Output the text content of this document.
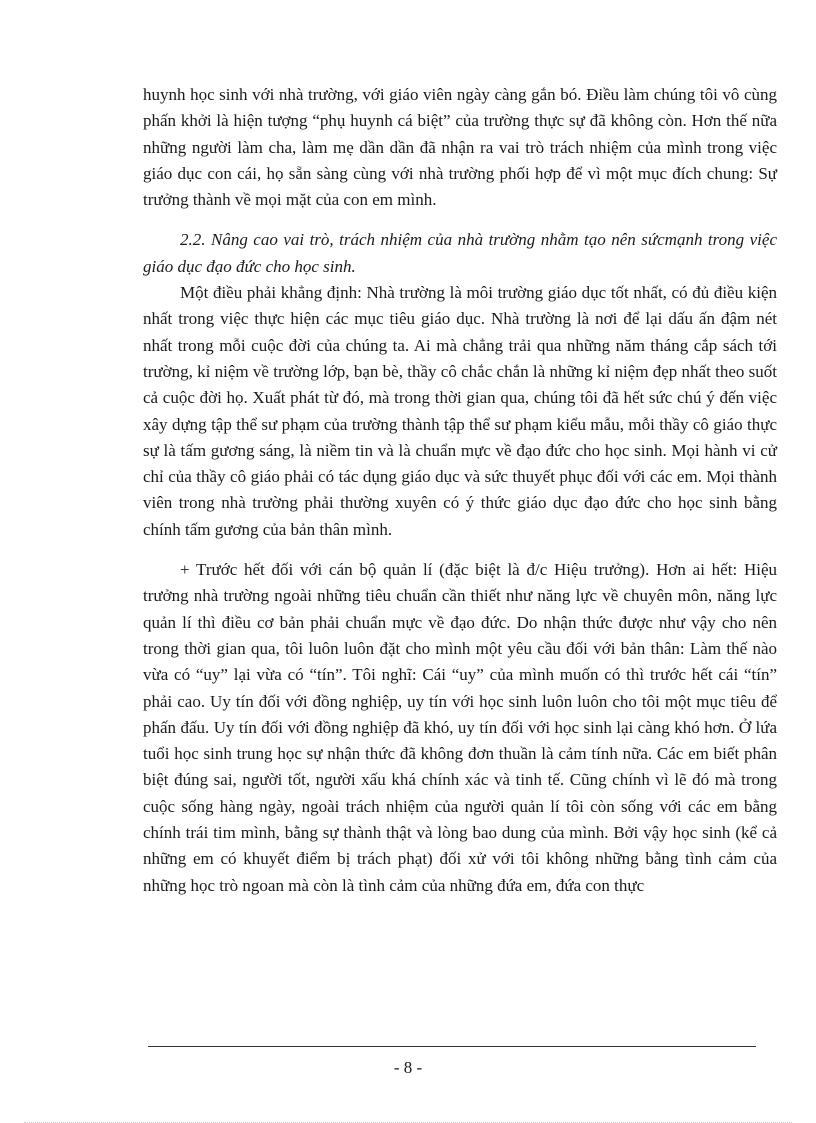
huynh học sinh với nhà trường, với giáo viên ngày càng gắn bó. Điều làm chúng tôi vô cùng phấn khởi là hiện tượng “phụ huynh cá biệt” của trường thực sự đã không còn. Hơn thế nữa những người làm cha, làm mẹ dần dần đã nhận ra vai trò trách nhiệm của mình trong việc giáo dục con cái, họ sẵn sàng cùng với nhà trường phối hợp để vì một mục đích chung: Sự trưởng thành về mọi mặt của con em mình.

2.2. Nâng cao vai trò, trách nhiệm của nhà trường nhằm tạo nên sứcmạnh trong việc giáo dục đạo đức cho học sinh.

Một điều phải khẳng định: Nhà trường là môi trường giáo dục tốt nhất, có đủ điều kiện nhất trong việc thực hiện các mục tiêu giáo dục. Nhà trường là nơi để lại dấu ấn đậm nét nhất trong mỗi cuộc đời của chúng ta. Ai mà chẳng trải qua những năm tháng cắp sách tới trường, kỉ niệm về trường lớp, bạn bè, thầy cô chắc chắn là những kỉ niệm đẹp nhất theo suốt cả cuộc đời họ. Xuất phát từ đó, mà trong thời gian qua, chúng tôi đã hết sức chú ý đến việc xây dựng tập thể sư phạm của trường thành tập thể sư phạm kiểu mẫu, mỗi thầy cô giáo thực sự là tấm gương sáng, là niềm tin và là chuẩn mực về đạo đức cho học sinh. Mọi hành vi cử chỉ của thầy cô giáo phải có tác dụng giáo dục và sức thuyết phục đối với các em. Mọi thành viên trong nhà trường phải thường xuyên có ý thức giáo dục đạo đức cho học sinh bằng chính tấm gương của bản thân mình.

+ Trước hết đối với cán bộ quản lí (đặc biệt là đ/c Hiệu trưởng). Hơn ai hết: Hiệu trưởng nhà trường ngoài những tiêu chuẩn cần thiết như năng lực về chuyên môn, năng lực quản lí thì điều cơ bản phải chuẩn mực về đạo đức. Do nhận thức được như vậy cho nên trong thời gian qua, tôi luôn luôn đặt cho mình một yêu cầu đối với bản thân: Làm thế nào vừa có “uy” lại vừa có “tín”. Tôi nghĩ: Cái “uy” của mình muốn có thì trước hết cái “tín” phải cao. Uy tín đối với đồng nghiệp, uy tín với học sinh luôn luôn cho tôi một mục tiêu để phấn đấu. Uy tín đối với đồng nghiệp đã khó, uy tín đối với học sinh lại càng khó hơn. Ở lứa tuổi học sinh trung học sự nhận thức đã không đơn thuần là cảm tính nữa. Các em biết phân biệt đúng sai, người tốt, người xấu khá chính xác và tinh tế. Cũng chính vì lẽ đó mà trong cuộc sống hàng ngày, ngoài trách nhiệm của người quản lí tôi còn sống với các em bằng chính trái tim mình, bằng sự thành thật và lòng bao dung của mình. Bởi vậy học sinh (kể cả những em có khuyết điểm bị trách phạt) đối xử với tôi không những bằng tình cảm của những học trò ngoan mà còn là tình cảm của những đứa em, đứa con thực

- 8 -
